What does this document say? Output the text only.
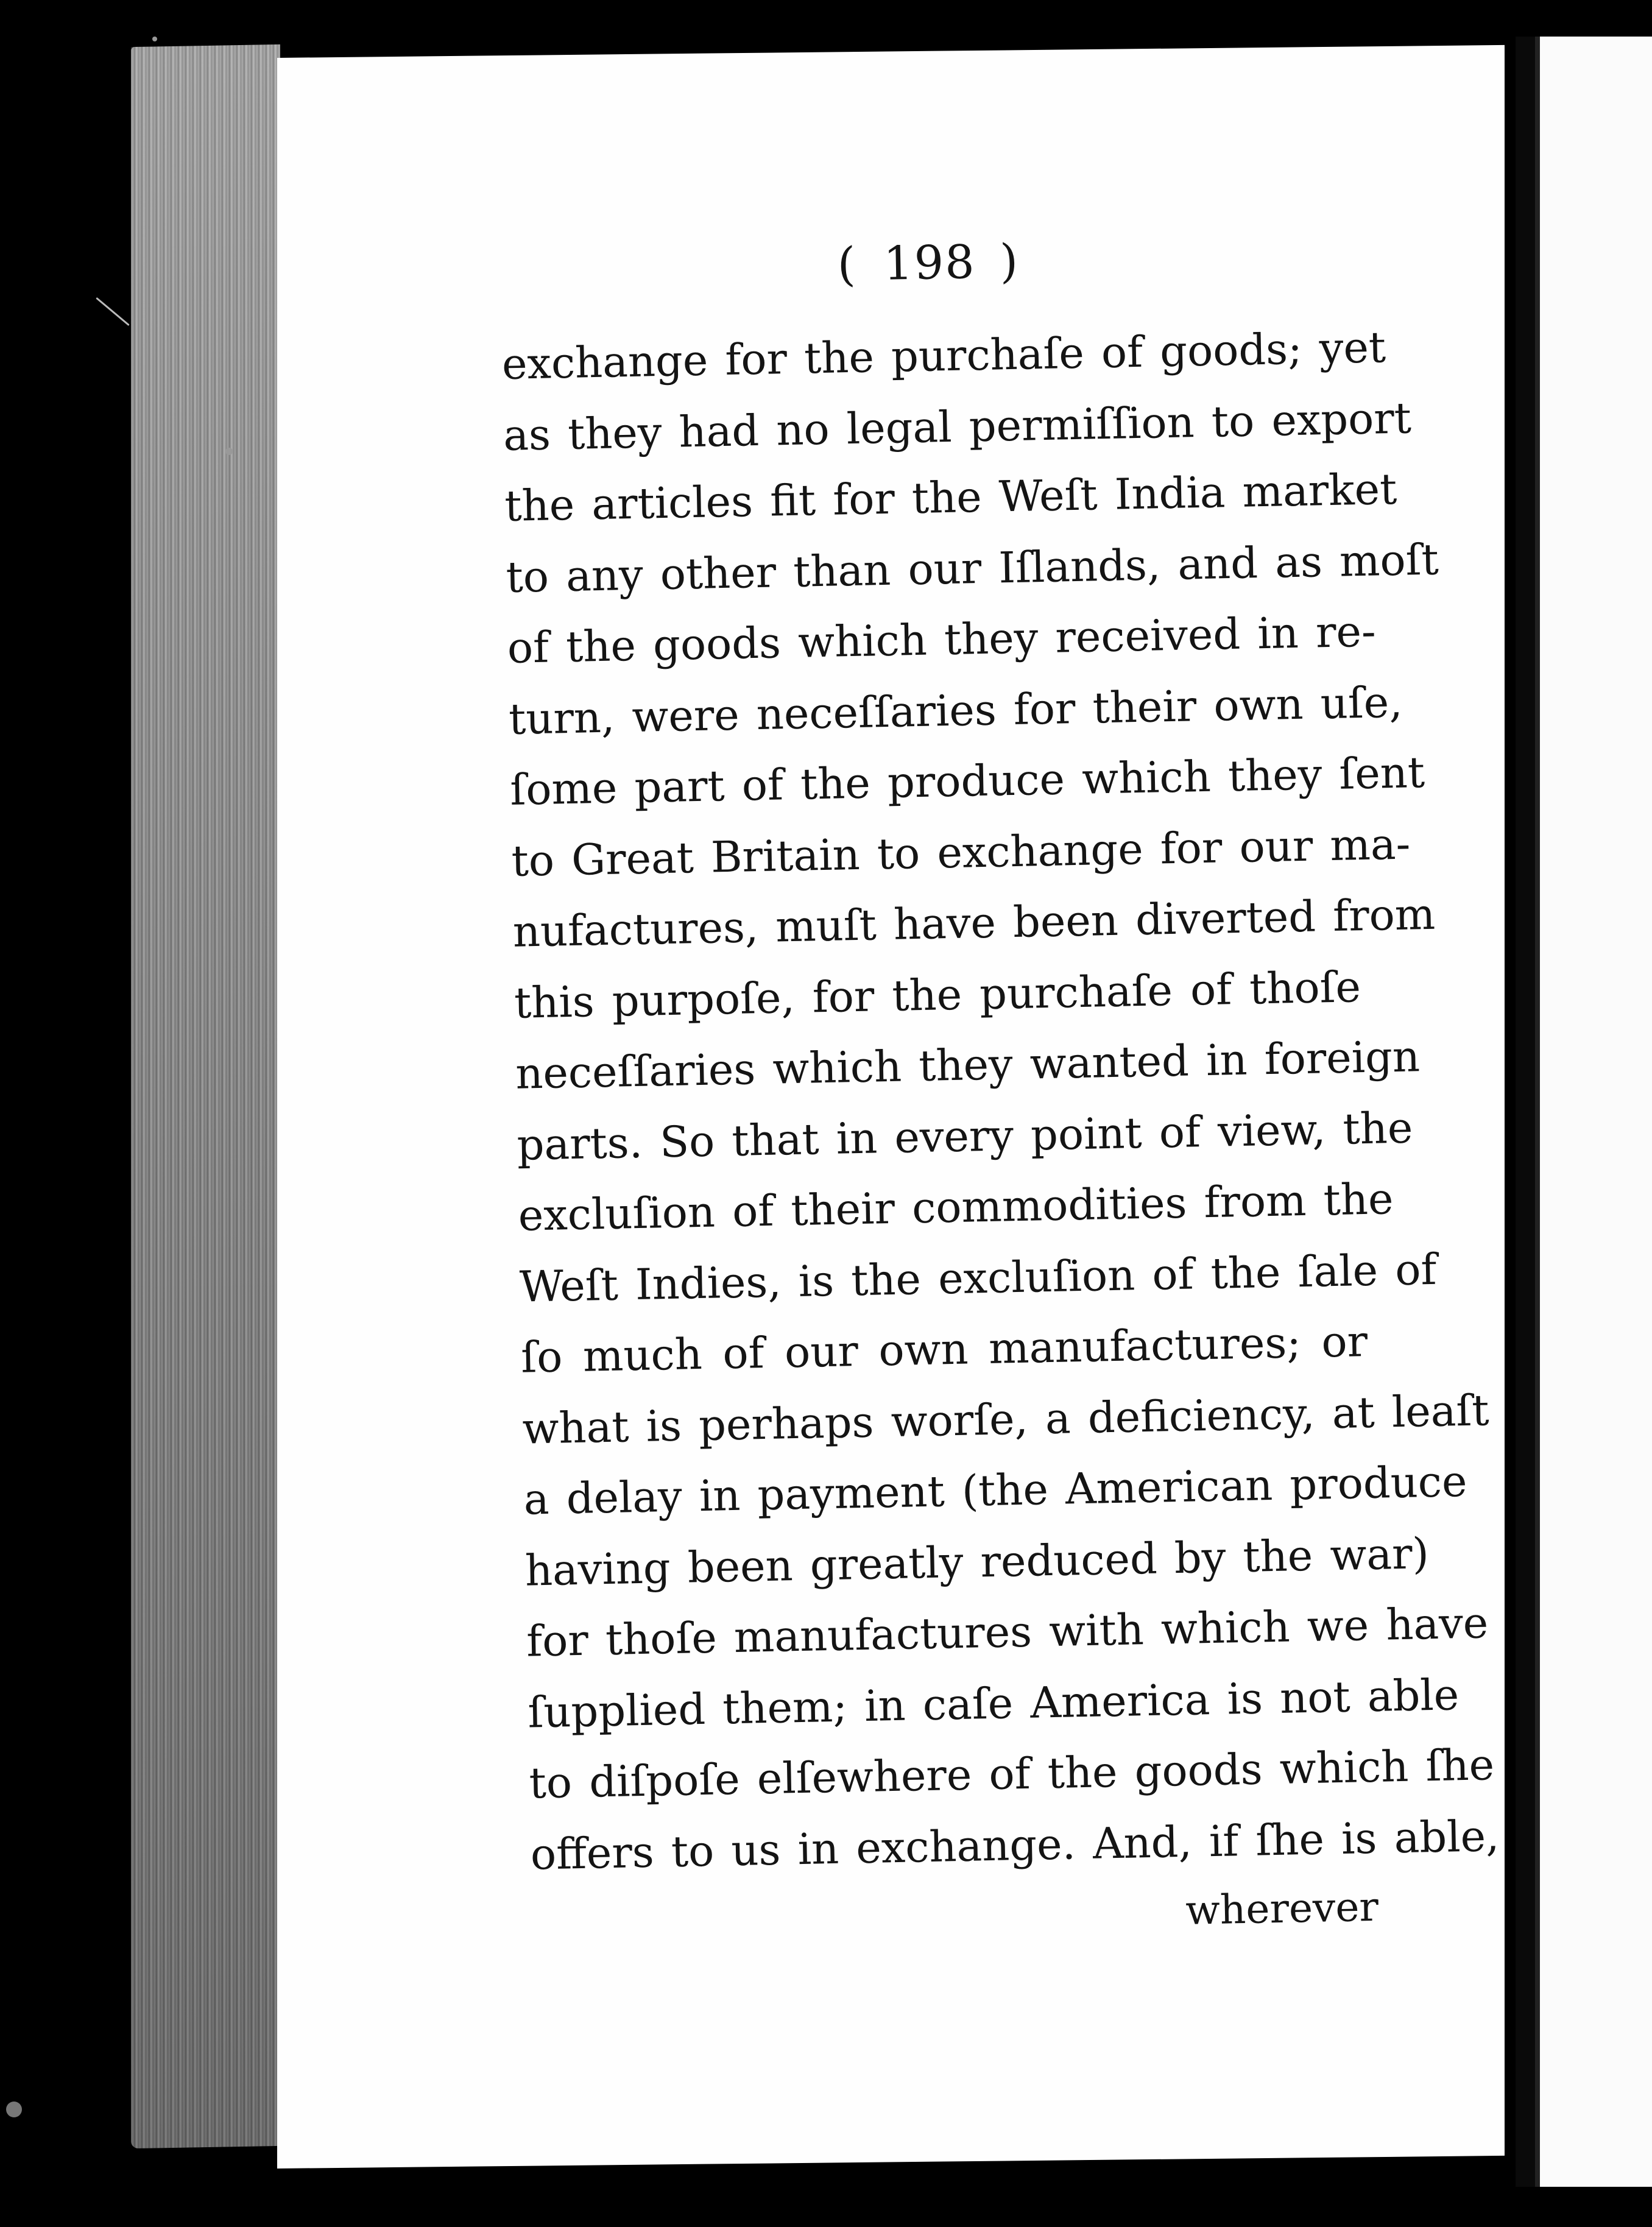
( 198 )
exchange for the purchaſe of goods; yet
as they had no legal permiſſion to export
the articles fit for the Weſt India market
to any other than our Iſlands, and as moſt
of the goods which they received in re-
turn, were neceſſaries for their own uſe,
ſome part of the produce which they ſent
to Great Britain to exchange for our ma-
nufactures, muſt have been diverted from
this purpoſe, for the purchaſe of thoſe
neceſſaries which they wanted in foreign
parts. So that in every point of view, the
excluſion of their commodities from the
Weſt Indies, is the excluſion of the ſale of
ſo much of our own manufactures; or
what is perhaps worſe, a deficiency, at leaſt
a delay in payment (the American produce
having been greatly reduced by the war)
for thoſe manufactures with which we have
ſupplied them; in caſe America is not able
to diſpoſe elſewhere of the goods which ſhe
offers to us in exchange. And, if ſhe is able,
wherever
